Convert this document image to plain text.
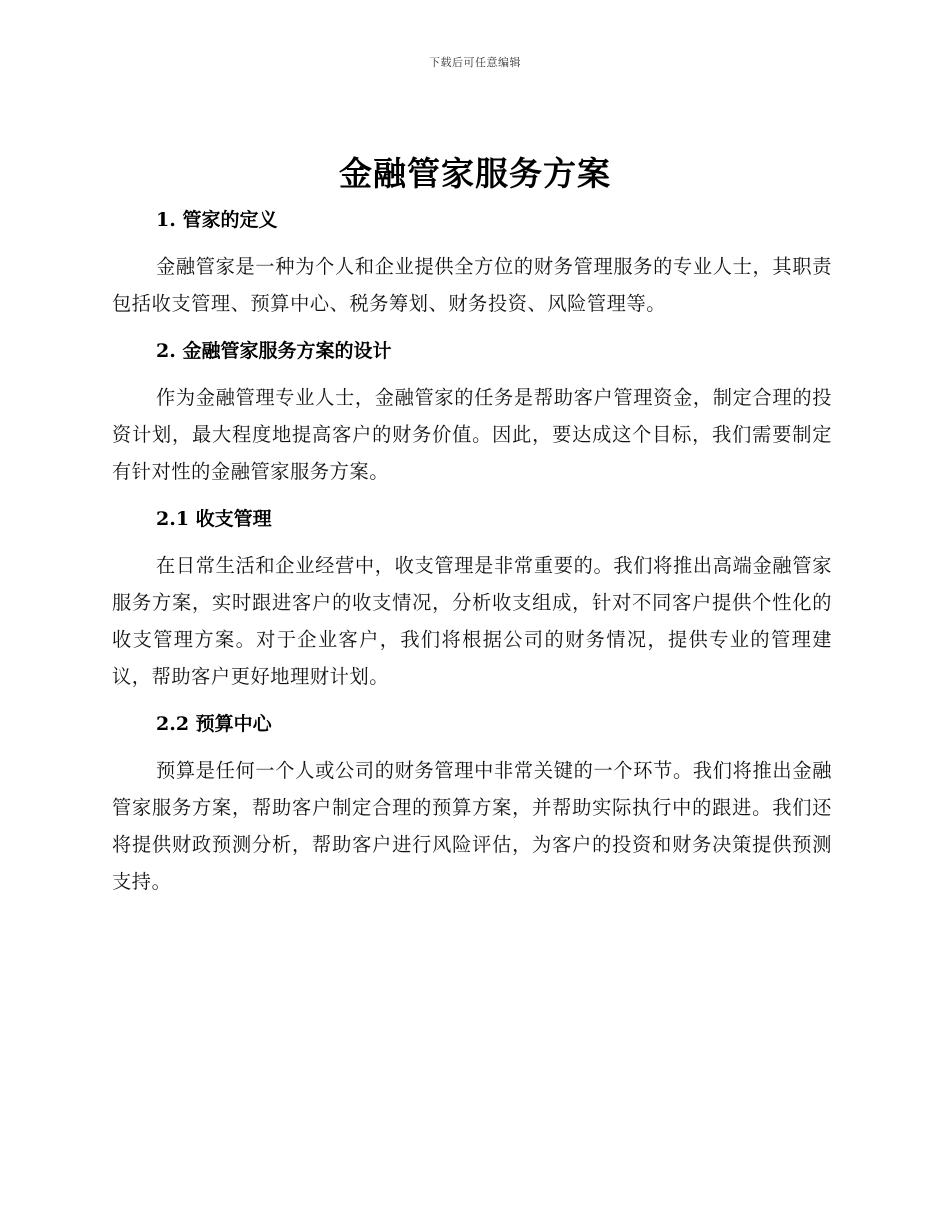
下载后可任意编辑
金融管家服务方案
1. 管家的定义

金融管家是一种为个人和企业提供全方位的财务管理服务的专业人士，其职责包括收支管理、预算中心、税务筹划、财务投资、风险管理等。

2. 金融管家服务方案的设计

作为金融管理专业人士，金融管家的任务是帮助客户管理资金，制定合理的投资计划，最大程度地提高客户的财务价值。因此，要达成这个目标，我们需要制定有针对性的金融管家服务方案。

2.1 收支管理

在日常生活和企业经营中，收支管理是非常重要的。我们将推出高端金融管家服务方案，实时跟进客户的收支情况，分析收支组成，针对不同客户提供个性化的收支管理方案。对于企业客户，我们将根据公司的财务情况，提供专业的管理建议，帮助客户更好地理财计划。

2.2 预算中心

预算是任何一个人或公司的财务管理中非常关键的一个环节。我们将推出金融管家服务方案，帮助客户制定合理的预算方案，并帮助实际执行中的跟进。我们还将提供财政预测分析，帮助客户进行风险评估，为客户的投资和财务决策提供预测支持。
